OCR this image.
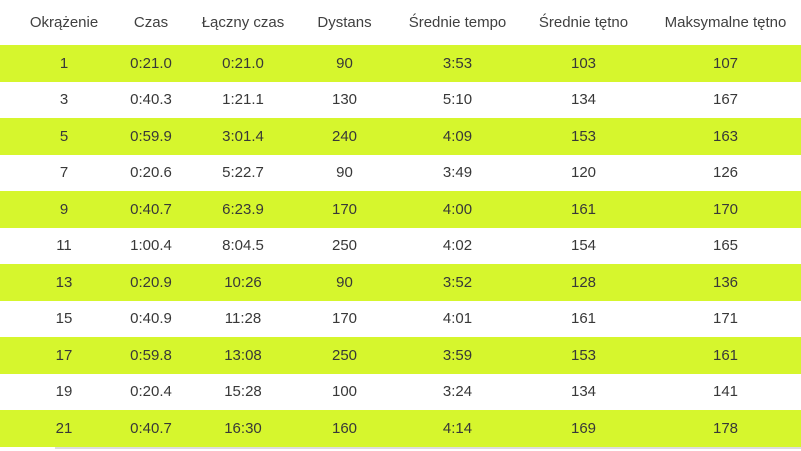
Okrążenie	Czas	Łączny czas	Dystans	Średnie tempo	Średnie tętno	Maksymalne tętno
1	0:21.0	0:21.0	90	3:53	103	107
3	0:40.3	1:21.1	130	5:10	134	167
5	0:59.9	3:01.4	240	4:09	153	163
7	0:20.6	5:22.7	90	3:49	120	126
9	0:40.7	6:23.9	170	4:00	161	170
11	1:00.4	8:04.5	250	4:02	154	165
13	0:20.9	10:26	90	3:52	128	136
15	0:40.9	11:28	170	4:01	161	171
17	0:59.8	13:08	250	3:59	153	161
19	0:20.4	15:28	100	3:24	134	141
21	0:40.7	16:30	160	4:14	169	178
